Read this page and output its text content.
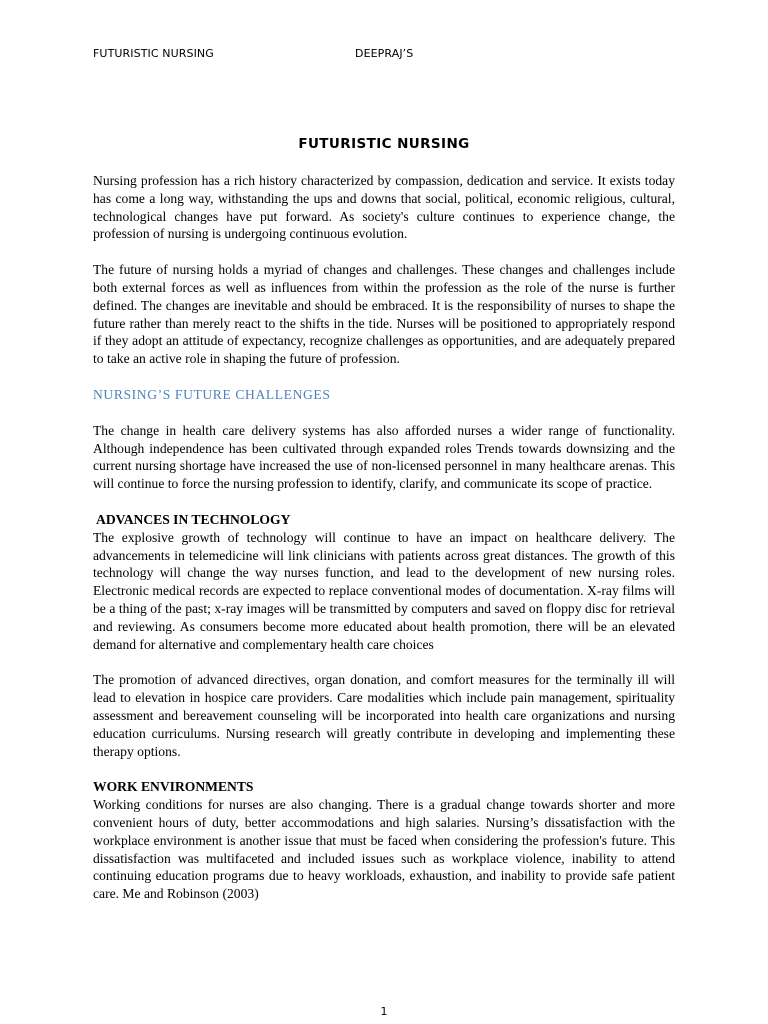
FUTURISTIC NURSING	DEEPRAJ’S
FUTURISTIC NURSING

Nursing profession has a rich history characterized by compassion, dedication and service. It exists today has come a long way, withstanding the ups and downs that social, political, economic religious, cultural, technological changes have put forward. As society's culture continues to experience change, the profession of nursing is undergoing continuous evolution.

The future of nursing holds a myriad of changes and challenges. These changes and challenges include both external forces as well as influences from within the profession as the role of the nurse is further defined. The changes are inevitable and should be embraced. It is the responsibility of nurses to shape the future rather than merely react to the shifts in the tide. Nurses will be positioned to appropriately respond if they adopt an attitude of expectancy, recognize challenges as opportunities, and are adequately prepared to take an active role in shaping the future of profession.

NURSING’S FUTURE CHALLENGES

The change in health care delivery systems has also afforded nurses a wider range of functionality. Although independence has been cultivated through expanded roles Trends towards downsizing and the current nursing shortage have increased the use of non-licensed personnel in many healthcare arenas. This will continue to force the nursing profession to identify, clarify, and communicate its scope of practice.

ADVANCES IN TECHNOLOGY

The explosive growth of technology will continue to have an impact on healthcare delivery. The advancements in telemedicine will link clinicians with patients across great distances. The growth of this technology will change the way nurses function, and lead to the development of new nursing roles. Electronic medical records are expected to replace conventional modes of documentation. X-ray films will be a thing of the past; x-ray images will be transmitted by computers and saved on floppy disc for retrieval and reviewing. As consumers become more educated about health promotion, there will be an elevated demand for alternative and complementary health care choices

The promotion of advanced directives, organ donation, and comfort measures for the terminally ill will lead to elevation in hospice care providers. Care modalities which include pain management, spirituality assessment and bereavement counseling will be incorporated into health care organizations and nursing education curriculums. Nursing research will greatly contribute in developing and implementing these therapy options.

WORK ENVIRONMENTS

Working conditions for nurses are also changing. There is a gradual change towards shorter and more convenient hours of duty, better accommodations and high salaries. Nursing’s dissatisfaction with the workplace environment is another issue that must be faced when considering the profession's future. This dissatisfaction was multifaceted and included issues such as workplace violence, inability to attend continuing education programs due to heavy workloads, exhaustion, and inability to provide safe patient care. Me and Robinson (2003)

1
